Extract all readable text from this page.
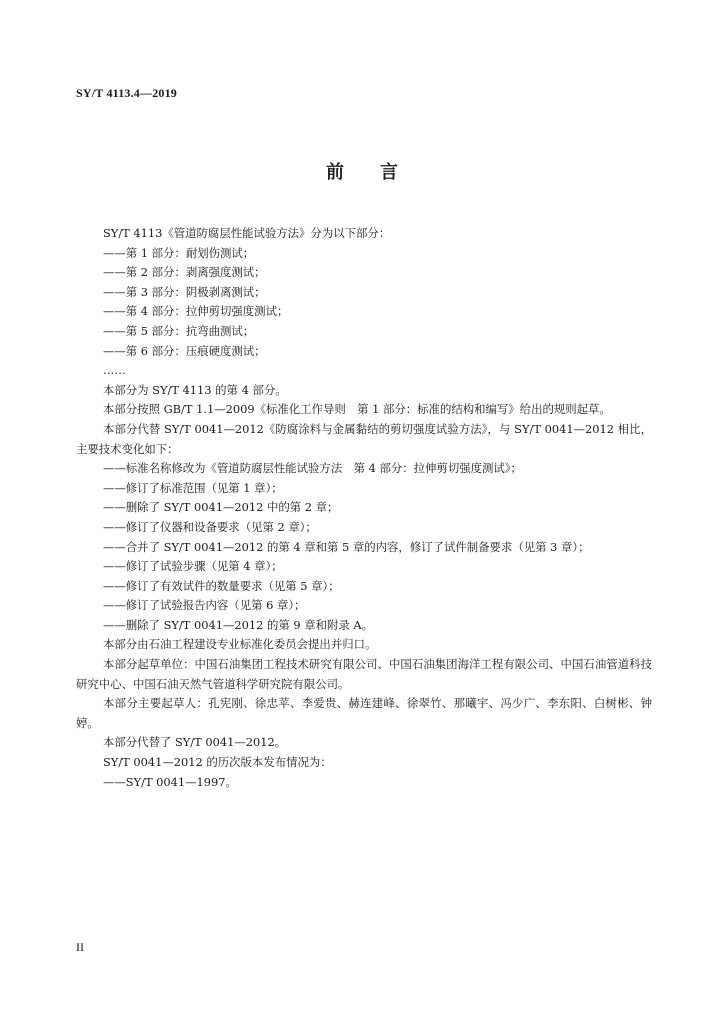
SY/T 4113.4—2019
前言

SY/T 4113《管道防腐层性能试验方法》分为以下部分：

——第 1 部分：耐划伤测试；

——第 2 部分：剥离强度测试；

——第 3 部分：阴极剥离测试；

——第 4 部分：拉伸剪切强度测试；

——第 5 部分：抗弯曲测试；

——第 6 部分：压痕硬度测试；

……

本部分为 SY/T 4113 的第 4 部分。

本部分按照 GB/T 1.1—2009《标准化工作导则　第 1 部分：标准的结构和编写》给出的规则起草。

本部分代替 SY/T 0041—2012《防腐涂料与金属黏结的剪切强度试验方法》，与 SY/T 0041—2012 相比，主要技术变化如下：

——标准名称修改为《管道防腐层性能试验方法　第 4 部分：拉伸剪切强度测试》；

——修订了标准范围（见第 1 章）；

——删除了 SY/T 0041—2012 中的第 2 章；

——修订了仪器和设备要求（见第 2 章）；

——合并了 SY/T 0041—2012 的第 4 章和第 5 章的内容，修订了试件制备要求（见第 3 章）；

——修订了试验步骤（见第 4 章）；

——修订了有效试件的数量要求（见第 5 章）；

——修订了试验报告内容（见第 6 章）；

——删除了 SY/T 0041—2012 的第 9 章和附录 A。

本部分由石油工程建设专业标准化委员会提出并归口。

本部分起草单位：中国石油集团工程技术研究有限公司、中国石油集团海洋工程有限公司、中国石油管道科技研究中心、中国石油天然气管道科学研究院有限公司。

本部分主要起草人：孔宪刚、徐忠苹、李爱贵、赫连建峰、徐翠竹、那曦宇、冯少广、李东阳、白树彬、钟婷。

本部分代替了 SY/T 0041—2012。

SY/T 0041—2012 的历次版本发布情况为：

——SY/T 0041—1997。

II
